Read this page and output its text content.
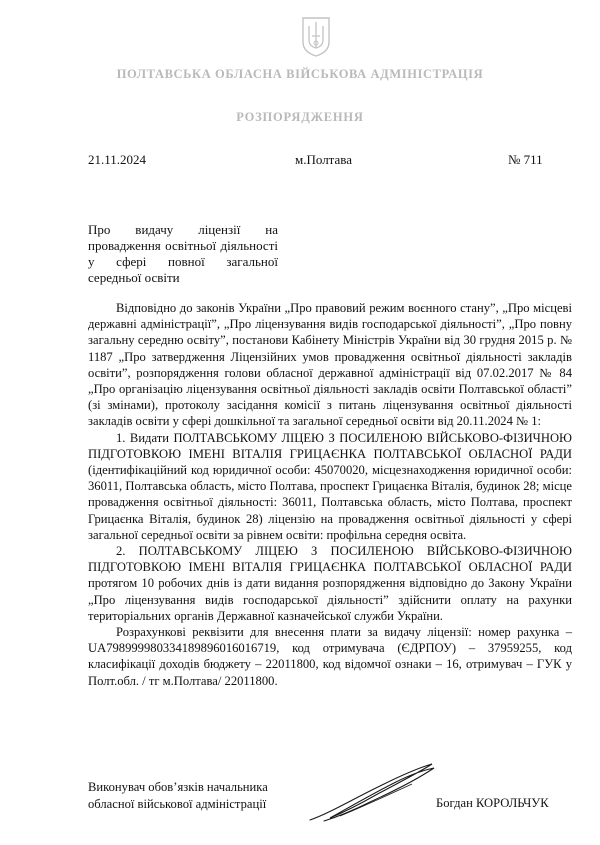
ПОЛТАВСЬКА ОБЛАСНА ВІЙСЬКОВА АДМІНІСТРАЦІЯ
РОЗПОРЯДЖЕННЯ
21.11.2024	м.Полтава	№ 711
Про видачу ліцензії на провадження освітньої діяльності у сфері повної загальної середньої освіти

Відповідно до законів України „Про правовий режим воєнного стану”, „Про місцеві державні адміністрації”, „Про ліцензування видів господарської діяльності”, „Про повну загальну середню освіту”, постанови Кабінету Міністрів України від 30 грудня 2015 р. № 1187 „Про затвердження Ліцензійних умов провадження освітньої діяльності закладів освіти”, розпорядження голови обласної державної адміністрації від 07.02.2017 № 84 „Про організацію ліцензування освітньої діяльності закладів освіти Полтавської області” (зі змінами), протоколу засідання комісії з питань ліцензування освітньої діяльності закладів освіти у сфері дошкільної та загальної середньої освіти від 20.11.2024 № 1:

1. Видати ПОЛТАВСЬКОМУ ЛІЦЕЮ З ПОСИЛЕНОЮ ВІЙСЬКОВО-ФІЗИЧНОЮ ПІДГОТОВКОЮ ІМЕНІ ВІТАЛІЯ ГРИЦАЄНКА ПОЛТАВСЬКОЇ ОБЛАСНОЇ РАДИ (ідентифікаційний код юридичної особи: 45070020, місцезнаходження юридичної особи: 36011, Полтавська область, місто Полтава, проспект Грицаєнка Віталія, будинок 28; місце провадження освітньої діяльності: 36011, Полтавська область, місто Полтава, проспект Грицаєнка Віталія, будинок 28) ліцензію на провадження освітньої діяльності у сфері загальної середньої освіти за рівнем освіти: профільна середня освіта.

2. ПОЛТАВСЬКОМУ ЛІЦЕЮ З ПОСИЛЕНОЮ ВІЙСЬКОВО-ФІЗИЧНОЮ ПІДГОТОВКОЮ ІМЕНІ ВІТАЛІЯ ГРИЦАЄНКА ПОЛТАВСЬКОЇ ОБЛАСНОЇ РАДИ протягом 10 робочих днів із дати видання розпорядження відповідно до Закону України „Про ліцензування видів господарської діяльності” здійснити оплату на рахунки територіальних органів Державної казначейської служби України.

Розрахункові реквізити для внесення плати за видачу ліцензії: номер рахунка – UA798999980334189896016016719, код отримувача (ЄДРПОУ) – 37959255, код класифікації доходів бюджету – 22011800, код відомчої ознаки – 16, отримувач – ГУК у Полт.обл. / тг м.Полтава/ 22011800.

Виконувач обов’язків начальника
обласної військової адміністрації	Богдан КОРОЛЬЧУК
